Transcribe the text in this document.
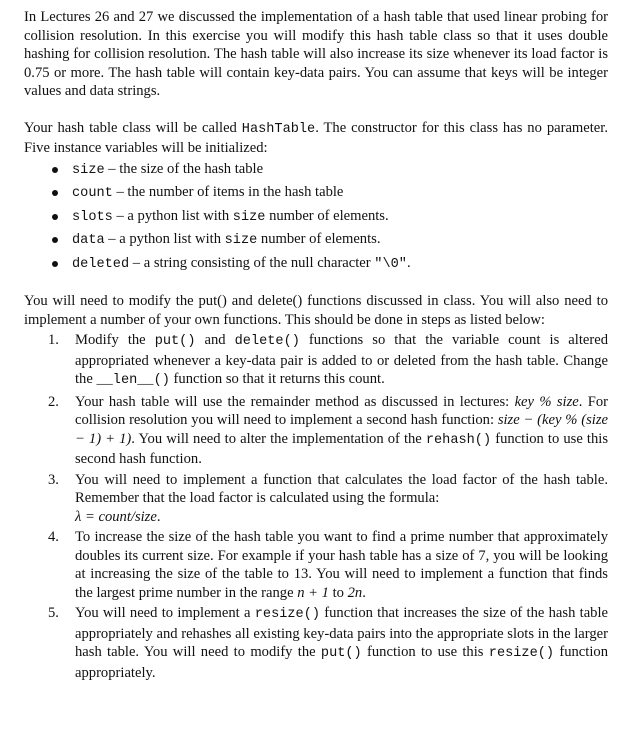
In Lectures 26 and 27 we discussed the implementation of a hash table that used linear probing for collision resolution. In this exercise you will modify this hash table class so that it uses double hashing for collision resolution. The hash table will also increase its size whenever its load factor is 0.75 or more. The hash table will contain key-data pairs. You can assume that keys will be integer values and data strings.

Your hash table class will be called HashTable. The constructor for this class has no parameter. Five instance variables will be initialized:

size – the size of the hash table
count – the number of items in the hash table
slots – a python list with size number of elements.
data – a python list with size number of elements.
deleted – a string consisting of the null character "\0".

You will need to modify the put() and delete() functions discussed in class. You will also need to implement a number of your own functions. This should be done in steps as listed below:

1. Modify the put() and delete() functions so that the variable count is altered appropriated whenever a key-data pair is added to or deleted from the hash table. Change the __len__() function so that it returns this count.
2. Your hash table will use the remainder method as discussed in lectures: key % size. For collision resolution you will need to implement a second hash function: size − (key % (size − 1) + 1). You will need to alter the implementation of the rehash() function to use this second hash function.
3. You will need to implement a function that calculates the load factor of the hash table. Remember that the load factor is calculated using the formula:
λ = count/size.
4. To increase the size of the hash table you want to find a prime number that approximately doubles its current size. For example if your hash table has a size of 7, you will be looking at increasing the size of the table to 13. You will need to implement a function that finds the largest prime number in the range n + 1 to 2n.
5. You will need to implement a resize() function that increases the size of the hash table appropriately and rehashes all existing key-data pairs into the appropriate slots in the larger hash table. You will need to modify the put() function to use this resize() function appropriately.
